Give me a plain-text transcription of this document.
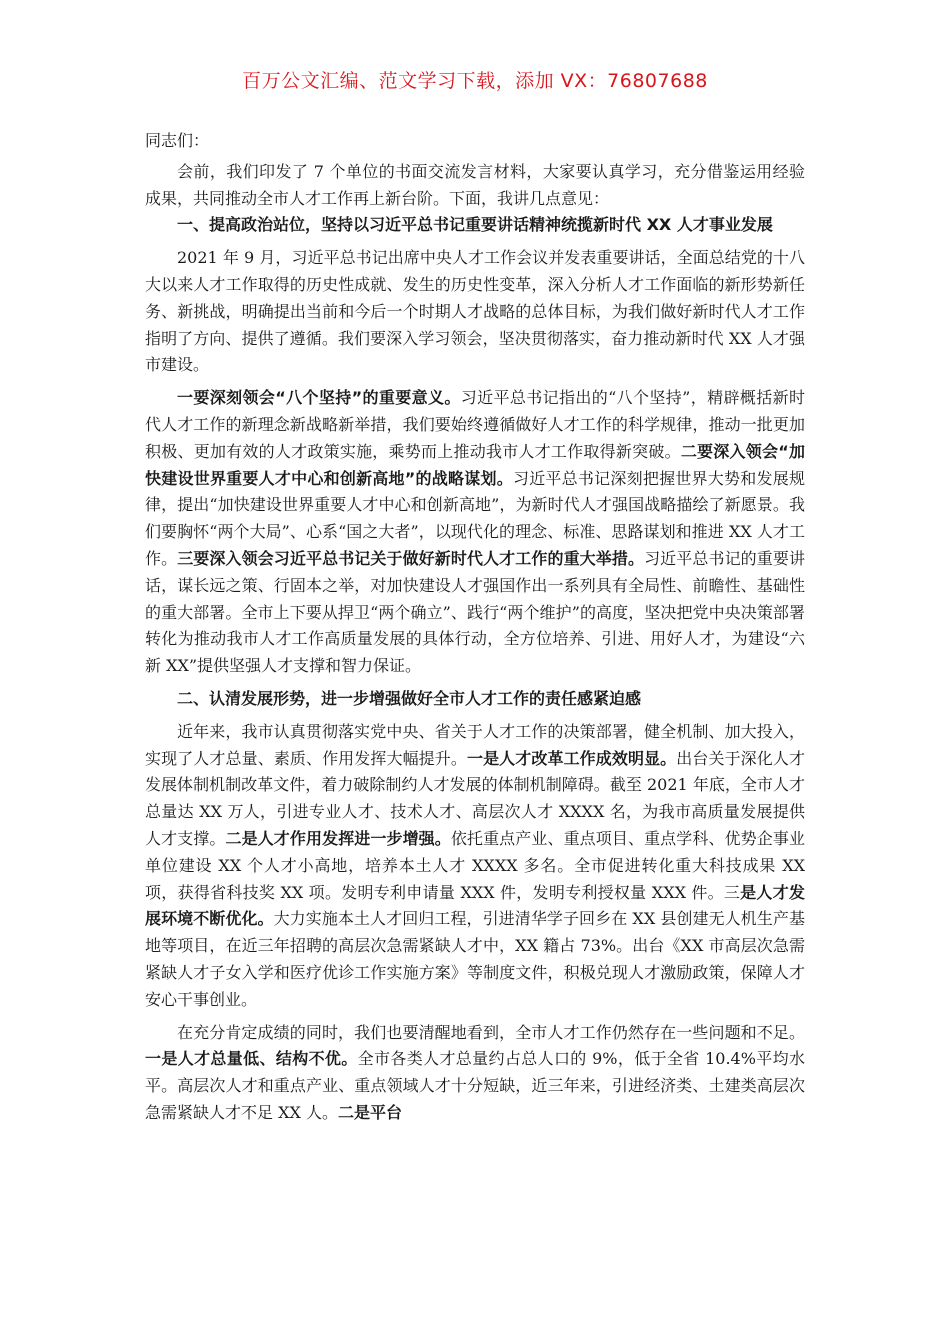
百万公文汇编、范文学习下载，添加 VX：76807688

同志们：

会前，我们印发了 7 个单位的书面交流发言材料，大家要认真学习，充分借鉴运用经验成果，共同推动全市人才工作再上新台阶。下面，我讲几点意见：

一、提高政治站位，坚持以习近平总书记重要讲话精神统揽新时代 XX 人才事业发展

2021 年 9 月，习近平总书记出席中央人才工作会议并发表重要讲话，全面总结党的十八大以来人才工作取得的历史性成就、发生的历史性变革，深入分析人才工作面临的新形势新任务、新挑战，明确提出当前和今后一个时期人才战略的总体目标，为我们做好新时代人才工作指明了方向、提供了遵循。我们要深入学习领会，坚决贯彻落实，奋力推动新时代 XX 人才强市建设。

一要深刻领会“八个坚持”的重要意义。习近平总书记指出的“八个坚持”，精辟概括新时代人才工作的新理念新战略新举措，我们要始终遵循做好人才工作的科学规律，推动一批更加积极、更加有效的人才政策实施，乘势而上推动我市人才工作取得新突破。二要深入领会“加快建设世界重要人才中心和创新高地”的战略谋划。习近平总书记深刻把握世界大势和发展规律，提出“加快建设世界重要人才中心和创新高地”，为新时代人才强国战略描绘了新愿景。我们要胸怀“两个大局”、心系“国之大者”，以现代化的理念、标准、思路谋划和推进 XX 人才工作。三要深入领会习近平总书记关于做好新时代人才工作的重大举措。习近平总书记的重要讲话，谋长远之策、行固本之举，对加快建设人才强国作出一系列具有全局性、前瞻性、基础性的重大部署。全市上下要从捍卫“两个确立”、践行“两个维护”的高度，坚决把党中央决策部署转化为推动我市人才工作高质量发展的具体行动，全方位培养、引进、用好人才，为建设“六新 XX”提供坚强人才支撑和智力保证。

二、认清发展形势，进一步增强做好全市人才工作的责任感紧迫感

近年来，我市认真贯彻落实党中央、省关于人才工作的决策部署，健全机制、加大投入，实现了人才总量、素质、作用发挥大幅提升。一是人才改革工作成效明显。出台关于深化人才发展体制机制改革文件，着力破除制约人才发展的体制机制障碍。截至 2021 年底，全市人才总量达 XX 万人，引进专业人才、技术人才、高层次人才 XXXX 名，为我市高质量发展提供人才支撑。二是人才作用发挥进一步增强。依托重点产业、重点项目、重点学科、优势企事业单位建设 XX 个人才小高地，培养本土人才 XXXX 多名。全市促进转化重大科技成果 XX 项，获得省科技奖 XX 项。发明专利申请量 XXX 件，发明专利授权量 XXX 件。三是人才发展环境不断优化。大力实施本土人才回归工程，引进清华学子回乡在 XX 县创建无人机生产基地等项目，在近三年招聘的高层次急需紧缺人才中，XX 籍占 73%。出台《XX 市高层次急需紧缺人才子女入学和医疗优诊工作实施方案》等制度文件，积极兑现人才激励政策，保障人才安心干事创业。

在充分肯定成绩的同时，我们也要清醒地看到，全市人才工作仍然存在一些问题和不足。一是人才总量低、结构不优。全市各类人才总量约占总人口的 9%，低于全省 10.4%平均水平。高层次人才和重点产业、重点领域人才十分短缺，近三年来，引进经济类、土建类高层次急需紧缺人才不足 XX 人。二是平台
